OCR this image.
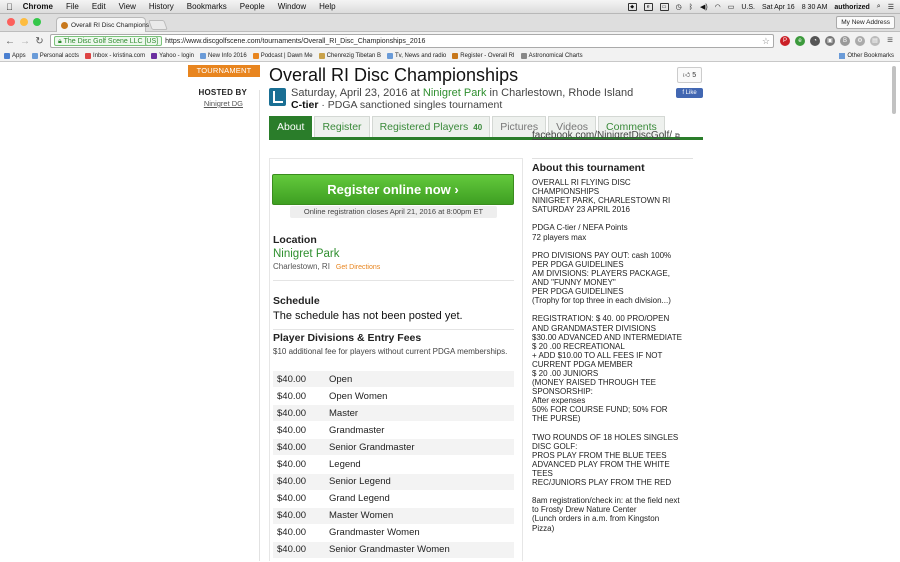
Chrome File Edit View History Bookmarks People Window Help	◆	e	▭	◷ ᛒ ◀) ◠ ▭ U.S. Sat Apr 16 8 30 AM authorized ⌕ ☰
Overall RI Disc Champions	My New Address
← → ↻	🔒︎ The Disc Golf Scene LLC [US]	https://www.discgolfscene.com/tournaments/Overall_RI_Disc_Championships_2016	☆	P	e	◔	▣	B	⚙	▤ ≡
Apps Personal accts Inbox - kristina.com Yahoo - login New Info 2016 Podcast | Dawn Me Chenrezig Tibetan B Tv, News and radio Register - Overall RI Astronomical Charts	Other Bookmarks
TOURNAMENT
HOSTED BY
Ninigret DG
Overall RI Disc Championships
Saturday, April 23, 2016 at Ninigret Park in Charlestown, Rhode Island
C-tier · PDGA sanctioned singles tournament
👍︎ 5
f Like
About	Register	Registered Players 40	Pictures	Videos	Comments
Register online now ›
Online registration closes April 21, 2016 at 8:00pm ET
Location
Ninigret Park
Charlestown, RI Get Directions
Schedule
The schedule has not been posted yet.
Player Divisions & Entry Fees
$10 additional fee for players without current PDGA memberships.
$40.00	Open
$40.00	Open Women
$40.00	Master
$40.00	Grandmaster
$40.00	Senior Grandmaster
$40.00	Legend
$40.00	Senior Legend
$40.00	Grand Legend
$40.00	Master Women
$40.00	Grandmaster Women
$40.00	Senior Grandmaster Women
facebook.com/NinigretDiscGolf/ ⧉
About this tournament
OVERALL RI FLYING DISC
CHAMPIONSHIPS
NINIGRET PARK, CHARLESTOWN RI
SATURDAY 23 APRIL 2016

PDGA C-tier / NEFA Points
72 players max

PRO DIVISIONS PAY OUT: cash 100%
PER PDGA GUIDELINES
AM DIVISIONS: PLAYERS PACKAGE,
AND "FUNNY MONEY"
PER PDGA GUIDELINES
(Trophy for top three in each division...)

REGISTRATION: $ 40. 00 PRO/OPEN
AND GRANDMASTER DIVISIONS
$30.00 ADVANCED AND INTERMEDIATE
$ 20 .00 RECREATIONAL
+ ADD $10.00 TO ALL FEES IF NOT
CURRENT PDGA MEMBER
$ 20 .00 JUNIORS
(MONEY RAISED THROUGH TEE
SPONSORSHIP:
After expenses
50% FOR COURSE FUND; 50% FOR
THE PURSE)

TWO ROUNDS OF 18 HOLES SINGLES
DISC GOLF:
PROS PLAY FROM THE BLUE TEES
ADVANCED PLAY FROM THE WHITE
TEES
REC/JUNIORS PLAY FROM THE RED

8am registration/check in: at the field next
to Frosty Drew Nature Center
(Lunch orders in a.m. from Kingston
Pizza)
